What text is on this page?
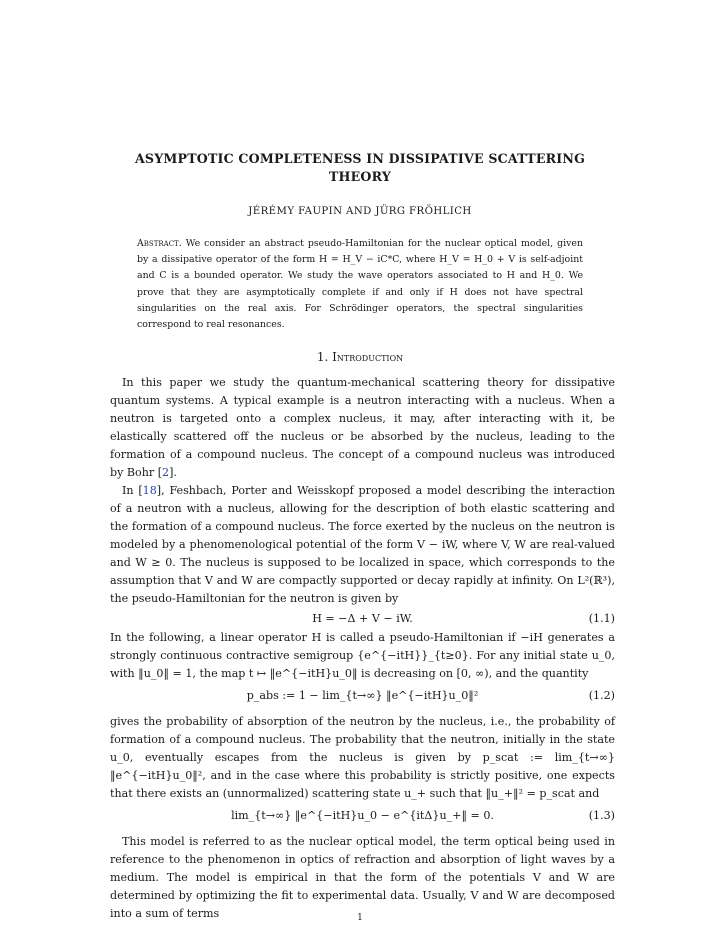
ASYMPTOTIC COMPLETENESS IN DISSIPATIVE SCATTERING THEORY
JÉRÉMY FAUPIN AND JÜRG FRÖHLICH
Abstract. We consider an abstract pseudo-Hamiltonian for the nuclear optical model, given by a dissipative operator of the form H = H_V − iC*C, where H_V = H_0 + V is self-adjoint and C is a bounded operator. We study the wave operators associated to H and H_0. We prove that they are asymptotically complete if and only if H does not have spectral singularities on the real axis. For Schrödinger operators, the spectral singularities correspond to real resonances.
1. Introduction

In this paper we study the quantum-mechanical scattering theory for dissipative quantum systems. A typical example is a neutron interacting with a nucleus. When a neutron is targeted onto a complex nucleus, it may, after interacting with it, be elastically scattered off the nucleus or be absorbed by the nucleus, leading to the formation of a compound nucleus. The concept of a compound nucleus was introduced by Bohr [2].

In [18], Feshbach, Porter and Weisskopf proposed a model describing the interaction of a neutron with a nucleus, allowing for the description of both elastic scattering and the formation of a compound nucleus. The force exerted by the nucleus on the neutron is modeled by a phenomenological potential of the form V − iW, where V, W are real-valued and W ≥ 0. The nucleus is supposed to be localized in space, which corresponds to the assumption that V and W are compactly supported or decay rapidly at infinity. On L²(ℝ³), the pseudo-Hamiltonian for the neutron is given by

H = −Δ + V − iW.	(1.1)

In the following, a linear operator H is called a pseudo-Hamiltonian if −iH generates a strongly continuous contractive semigroup {e^{−itH}}_{t≥0}. For any initial state u_0, with ‖u_0‖ = 1, the map t ↦ ‖e^{−itH}u_0‖ is decreasing on [0, ∞), and the quantity

p_abs := 1 − lim_{t→∞} ‖e^{−itH}u_0‖²	(1.2)

gives the probability of absorption of the neutron by the nucleus, i.e., the probability of formation of a compound nucleus. The probability that the neutron, initially in the state u_0, eventually escapes from the nucleus is given by p_scat := lim_{t→∞} ‖e^{−itH}u_0‖², and in the case where this probability is strictly positive, one expects that there exists an (unnormalized) scattering state u_+ such that ‖u_+‖² = p_scat and

lim_{t→∞} ‖e^{−itH}u_0 − e^{itΔ}u_+‖ = 0.	(1.3)

This model is referred to as the nuclear optical model, the term optical being used in reference to the phenomenon in optics of refraction and absorption of light waves by a medium. The model is empirical in that the form of the potentials V and W are determined by optimizing the fit to experimental data. Usually, V and W are decomposed into a sum of terms	1
